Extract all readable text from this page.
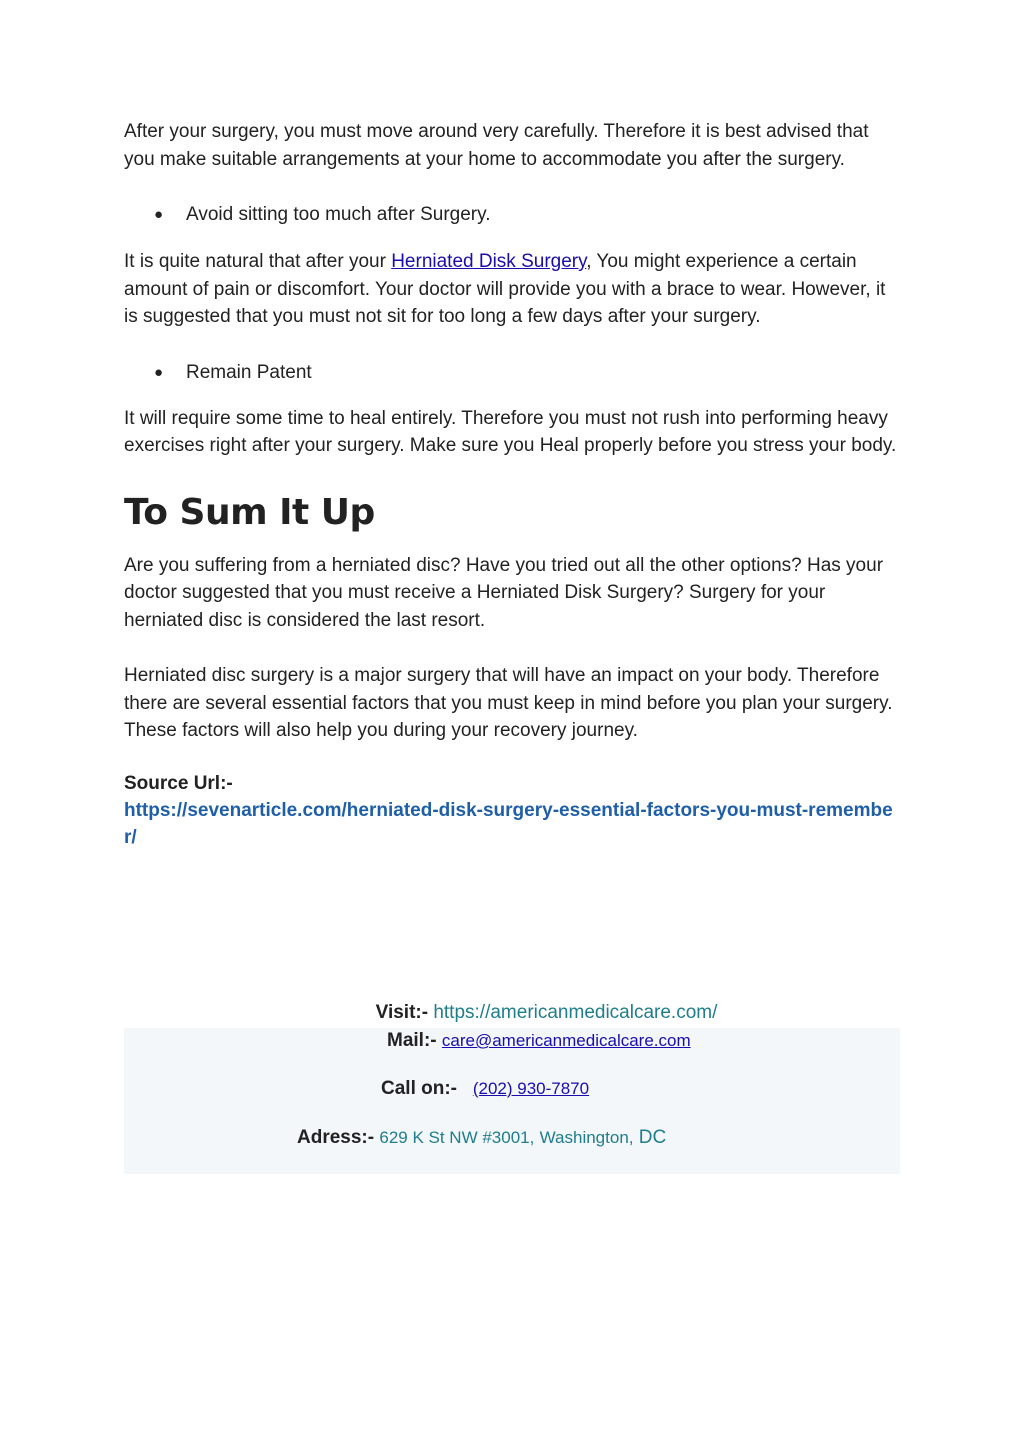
After your surgery, you must move around very carefully. Therefore it is best advised that you make suitable arrangements at your home to accommodate you after the surgery.

●	Avoid sitting too much after Surgery.

It is quite natural that after your Herniated Disk Surgery, You might experience a certain amount of pain or discomfort. Your doctor will provide you with a brace to wear. However, it is suggested that you must not sit for too long a few days after your surgery.

●	Remain Patent

It will require some time to heal entirely. Therefore you must not rush into performing heavy exercises right after your surgery. Make sure you Heal properly before you stress your body.

To Sum It Up

Are you suffering from a herniated disc? Have you tried out all the other options? Has your doctor suggested that you must receive a Herniated Disk Surgery? Surgery for your herniated disc is considered the last resort.

Herniated disc surgery is a major surgery that will have an impact on your body. Therefore there are several essential factors that you must keep in mind before you plan your surgery. These factors will also help you during your recovery journey.

Source Url:-
https://sevenarticle.com/herniated-disk-surgery-essential-factors-you-must-remember/
Visit:- https://americanmedicalcare.com/
Mail:- care@americanmedicalcare.com
Call on:- (202) 930-7870
Adress:- 629 K St NW #3001, Washington, DC
